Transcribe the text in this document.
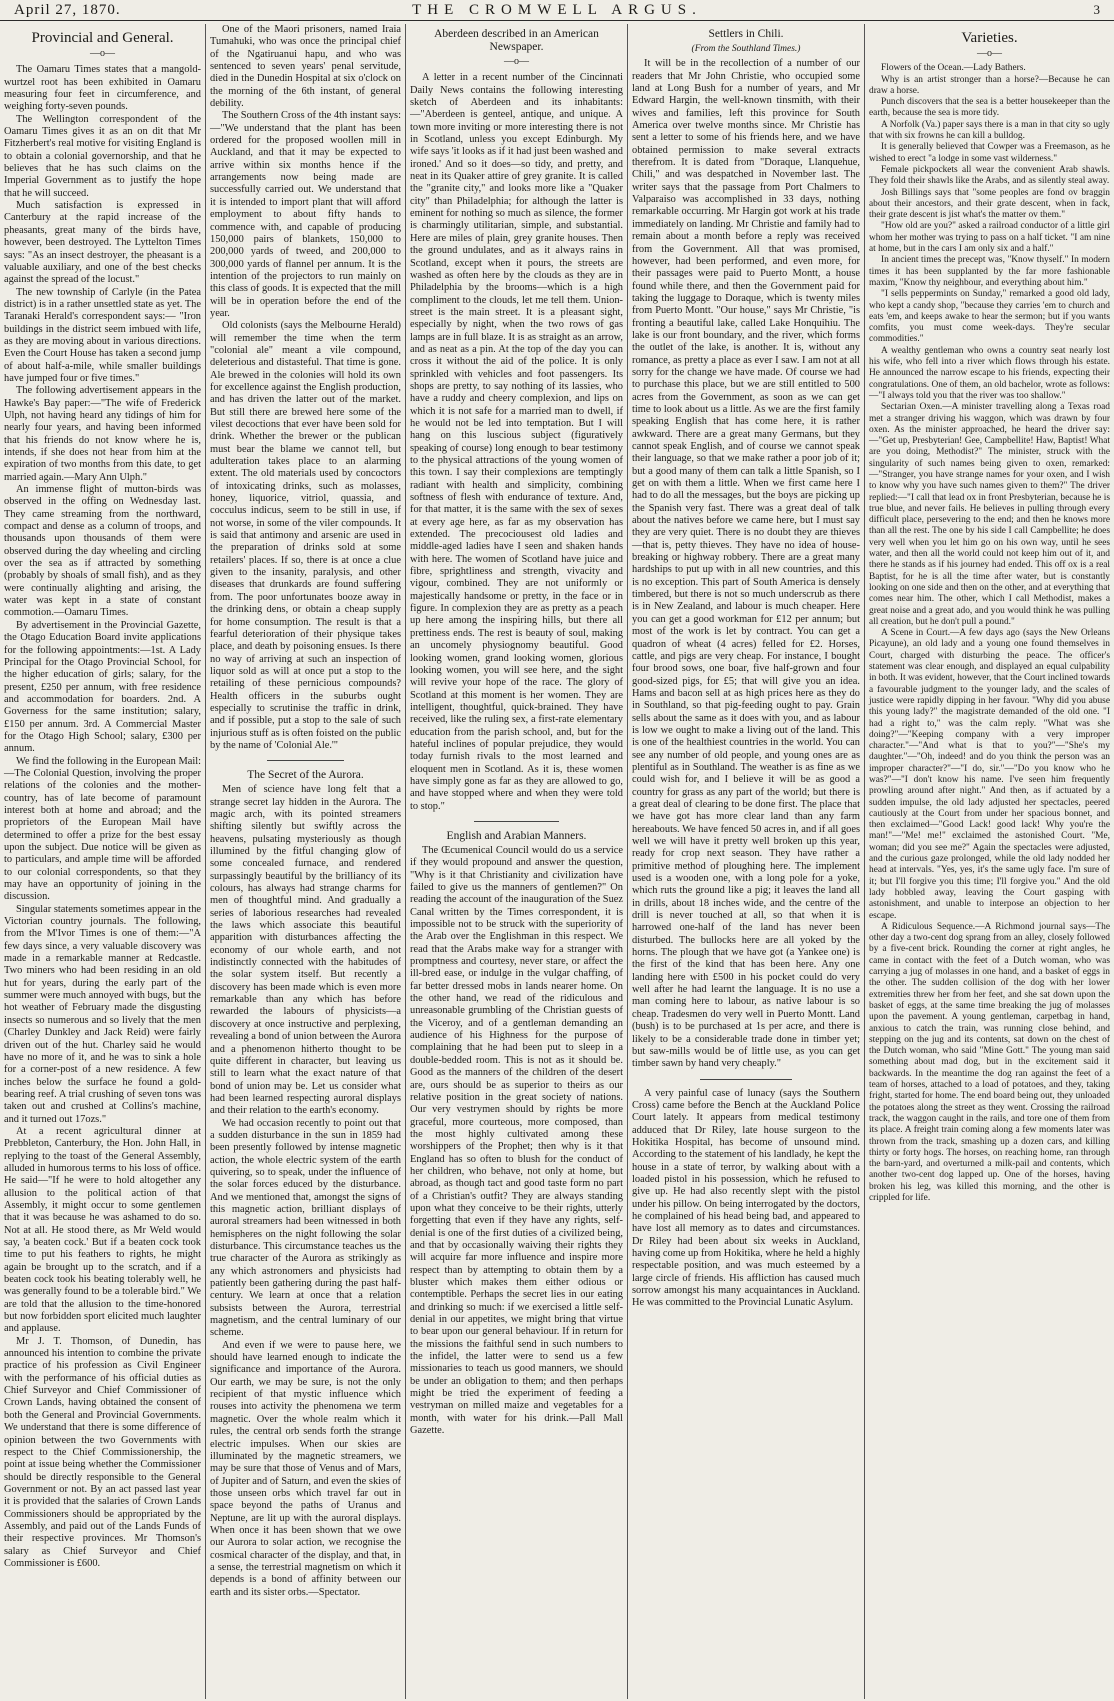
April 27, 1870.	THE CROMWELL ARGUS.	3
Provincial and General.
—o—

The Oamaru Times states that a mangold-wurtzel root has been exhibited in Oamaru measuring four feet in circumference, and weighing forty-seven pounds.

The Wellington correspondent of the Oamaru Times gives it as an on dit that Mr Fitzherbert's real motive for visiting England is to obtain a colonial governorship, and that he believes that he has such claims on the Imperial Government as to justify the hope that he will succeed.

Much satisfaction is expressed in Canterbury at the rapid increase of the pheasants, great many of the birds have, however, been destroyed. The Lyttelton Times says: "As an insect destroyer, the pheasant is a valuable auxiliary, and one of the best checks against the spread of the locust."

The new township of Carlyle (in the Patea district) is in a rather unsettled state as yet. The Taranaki Herald's correspondent says:— "Iron buildings in the district seem imbued with life, as they are moving about in various directions. Even the Court House has taken a second jump of about half-a-mile, while smaller buildings have jumped four or five times."

The following advertisement appears in the Hawke's Bay paper:—"The wife of Frederick Ulph, not having heard any tidings of him for nearly four years, and having been informed that his friends do not know where he is, intends, if she does not hear from him at the expiration of two months from this date, to get married again.—Mary Ann Ulph."

An immense flight of mutton-birds was observed in the offing on Wednesday last. They came streaming from the northward, compact and dense as a column of troops, and thousands upon thousands of them were observed during the day wheeling and circling over the sea as if attracted by something (probably by shoals of small fish), and as they were continually alighting and arising, the water was kept in a state of constant commotion.—Oamaru Times.

By advertisement in the Provincial Gazette, the Otago Education Board invite applications for the following appointments:—1st. A Lady Principal for the Otago Provincial School, for the higher education of girls; salary, for the present, £250 per annum, with free residence and accommodation for boarders. 2nd. A Governess for the same institution; salary, £150 per annum. 3rd. A Commercial Master for the Otago High School; salary, £300 per annum.

We find the following in the European Mail:—The Colonial Question, involving the proper relations of the colonies and the mother-country, has of late become of paramount interest both at home and abroad; and the proprietors of the European Mail have determined to offer a prize for the best essay upon the subject. Due notice will be given as to particulars, and ample time will be afforded to our colonial correspondents, so that they may have an opportunity of joining in the discussion.

Singular statements sometimes appear in the Victorian country journals. The following, from the M'Ivor Times is one of them:—"A few days since, a very valuable discovery was made in a remarkable manner at Redcastle. Two miners who had been residing in an old hut for years, during the early part of the summer were much annoyed with bugs, but the hot weather of February made the disgusting insects so numerous and so lively that the men (Charley Dunkley and Jack Reid) were fairly driven out of the hut. Charley said he would have no more of it, and he was to sink a hole for a corner-post of a new residence. A few inches below the surface he found a gold-bearing reef. A trial crushing of seven tons was taken out and crushed at Collins's machine, and it turned out 17ozs."

At a recent agricultural dinner at Prebbleton, Canterbury, the Hon. John Hall, in replying to the toast of the General Assembly, alluded in humorous terms to his loss of office. He said—"If he were to hold altogether any allusion to the political action of that Assembly, it might occur to some gentlemen that it was because he was ashamed to do so. Not at all. He stood there, as Mr Weld would say, 'a beaten cock.' But if a beaten cock took time to put his feathers to rights, he might again be brought up to the scratch, and if a beaten cock took his beating tolerably well, he was generally found to be a tolerable bird." We are told that the allusion to the time-honored but now forbidden sport elicited much laughter and applause.

Mr J. T. Thomson, of Dunedin, has announced his intention to combine the private practice of his profession as Civil Engineer with the performance of his official duties as Chief Surveyor and Chief Commissioner of Crown Lands, having obtained the consent of both the General and Provincial Governments. We understand that there is some difference of opinion between the two Governments with respect to the Chief Commissionership, the point at issue being whether the Commissioner should be directly responsible to the General Government or not. By an act passed last year it is provided that the salaries of Crown Lands Commissioners should be appropriated by the Assembly, and paid out of the Lands Funds of their respective provinces. Mr Thomson's salary as Chief Surveyor and Chief Commissioner is £600.

One of the Maori prisoners, named Iraia Tumahuki, who was once the principal chief of the Ngatiruanui hapu, and who was sentenced to seven years' penal servitude, died in the Dunedin Hospital at six o'clock on the morning of the 6th instant, of general debility.

The Southern Cross of the 4th instant says:—"We understand that the plant has been ordered for the proposed woollen mill in Auckland, and that it may be expected to arrive within six months hence if the arrangements now being made are successfully carried out. We understand that it is intended to import plant that will afford employment to about fifty hands to commence with, and capable of producing 150,000 pairs of blankets, 150,000 to 200,000 yards of tweed, and 200,000 to 300,000 yards of flannel per annum. It is the intention of the projectors to run mainly on this class of goods. It is expected that the mill will be in operation before the end of the year.

Old colonists (says the Melbourne Herald) will remember the time when the term "colonial ale" meant a vile compound, deleterious and distasteful. That time is gone. Ale brewed in the colonies will hold its own for excellence against the English production, and has driven the latter out of the market. But still there are brewed here some of the vilest decoctions that ever have been sold for drink. Whether the brewer or the publican must bear the blame we cannot tell, but adulteration takes place to an alarming extent. The old materials used by concoctors of intoxicating drinks, such as molasses, honey, liquorice, vitriol, quassia, and cocculus indicus, seem to be still in use, if not worse, in some of the viler compounds. It is said that antimony and arsenic are used in the preparation of drinks sold at some retailers' places. If so, there is at once a clue given to the insanity, paralysis, and other diseases that drunkards are found suffering from. The poor unfortunates booze away in the drinking dens, or obtain a cheap supply for home consumption. The result is that a fearful deterioration of their physique takes place, and death by poisoning ensues. Is there no way of arriving at such an inspection of liquor sold as will at once put a stop to the retailing of these pernicious compounds? Health officers in the suburbs ought especially to scrutinise the traffic in drink, and if possible, put a stop to the sale of such injurious stuff as is often foisted on the public by the name of 'Colonial Ale.'"

The Secret of the Aurora.

Men of science have long felt that a strange secret lay hidden in the Aurora. The magic arch, with its pointed streamers shifting silently but swiftly across the heavens, pulsating mysteriously as though illumined by the fitful changing glow of some concealed furnace, and rendered surpassingly beautiful by the brilliancy of its colours, has always had strange charms for men of thoughtful mind. And gradually a series of laborious researches had revealed the laws which associate this beautiful apparition with disturbances affecting the economy of our whole earth, and not indistinctly connected with the habitudes of the solar system itself. But recently a discovery has been made which is even more remarkable than any which has before rewarded the labours of physicists—a discovery at once instructive and perplexing, revealing a bond of union between the Aurora and a phenomenon hitherto thought to be quite different in character, but leaving us still to learn what the exact nature of that bond of union may be. Let us consider what had been learned respecting auroral displays and their relation to the earth's economy.

We had occasion recently to point out that a sudden disturbance in the sun in 1859 had been presently followed by intense magnetic action, the whole electric system of the earth quivering, so to speak, under the influence of the solar forces educed by the disturbance. And we mentioned that, amongst the signs of this magnetic action, brilliant displays of auroral streamers had been witnessed in both hemispheres on the night following the solar disturbance. This circumstance teaches us the true character of the Aurora as strikingly as any which astronomers and physicists had patiently been gathering during the past half-century. We learn at once that a relation subsists between the Aurora, terrestrial magnetism, and the central luminary of our scheme.

And even if we were to pause here, we should have learned enough to indicate the significance and importance of the Aurora. Our earth, we may be sure, is not the only recipient of that mystic influence which rouses into activity the phenomena we term magnetic. Over the whole realm which it rules, the central orb sends forth the strange electric impulses. When our skies are illuminated by the magnetic streamers, we may be sure that those of Venus and of Mars, of Jupiter and of Saturn, and even the skies of those unseen orbs which travel far out in space beyond the paths of Uranus and Neptune, are lit up with the auroral displays. When once it has been shown that we owe our Aurora to solar action, we recognise the cosmical character of the display, and that, in a sense, the terrestrial magnetism on which it depends is a bond of affinity between our earth and its sister orbs.—Spectator.

Aberdeen described in an American Newspaper.
—o—

A letter in a recent number of the Cincinnati Daily News contains the following interesting sketch of Aberdeen and its inhabitants:—"Aberdeen is genteel, antique, and unique. A town more inviting or more interesting there is not in Scotland, unless you except Edinburgh. My wife says 'it looks as if it had just been washed and ironed.' And so it does—so tidy, and pretty, and neat in its Quaker attire of grey granite. It is called the "granite city," and looks more like a "Quaker city" than Philadelphia; for although the latter is eminent for nothing so much as silence, the former is charmingly utilitarian, simple, and substantial. Here are miles of plain, grey granite houses. Then the ground undulates, and as it always rains in Scotland, except when it pours, the streets are washed as often here by the clouds as they are in Philadelphia by the brooms—which is a high compliment to the clouds, let me tell them. Union-street is the main street. It is a pleasant sight, especially by night, when the two rows of gas lamps are in full blaze. It is as straight as an arrow, and as neat as a pin. At the top of the day you can cross it without the aid of the police. It is only sprinkled with vehicles and foot passengers. Its shops are pretty, to say nothing of its lassies, who have a ruddy and cheery complexion, and lips on which it is not safe for a married man to dwell, if he would not be led into temptation. But I will hang on this luscious subject (figuratively speaking of course) long enough to bear testimony to the physical attractions of the young women of this town. I say their complexions are temptingly radiant with health and simplicity, combining softness of flesh with endurance of texture. And, for that matter, it is the same with the sex of sexes at every age here, as far as my observation has extended. The precociousest old ladies and middle-aged ladies have I seen and shaken hands with here. The women of Scotland have juice and fibre, sprightliness and strength, vivacity and vigour, combined. They are not uniformly or majestically handsome or pretty, in the face or in figure. In complexion they are as pretty as a peach up here among the inspiring hills, but there all prettiness ends. The rest is beauty of soul, making an uncomely physiognomy beautiful. Good looking women, grand looking women, glorious looking women, you will see here, and the sight will revive your hope of the race. The glory of Scotland at this moment is her women. They are intelligent, thoughtful, quick-brained. They have received, like the ruling sex, a first-rate elementary education from the parish school, and, but for the hateful inclines of popular prejudice, they would today furnish rivals to the most learned and eloquent men in Scotland. As it is, these women have simply gone as far as they are allowed to go, and have stopped where and when they were told to stop."

English and Arabian Manners.

The Œcumenical Council would do us a service if they would propound and answer the question, "Why is it that Christianity and civilization have failed to give us the manners of gentlemen?" On reading the account of the inauguration of the Suez Canal written by the Times correspondent, it is impossible not to be struck with the superiority of the Arab over the Englishman in this respect. We read that the Arabs make way for a stranger with promptness and courtesy, never stare, or affect the ill-bred ease, or indulge in the vulgar chaffing, of far better dressed mobs in lands nearer home. On the other hand, we read of the ridiculous and unreasonable grumbling of the Christian guests of the Viceroy, and of a gentleman demanding an audience of his Highness for the purpose of complaining that he had been put to sleep in a double-bedded room. This is not as it should be. Good as the manners of the children of the desert are, ours should be as superior to theirs as our relative position in the great society of nations. Our very vestrymen should by rights be more graceful, more courteous, more composed, than the most highly cultivated among these worshippers of the Prophet; then why is it that England has so often to blush for the conduct of her children, who behave, not only at home, but abroad, as though tact and good taste form no part of a Christian's outfit? They are always standing upon what they conceive to be their rights, utterly forgetting that even if they have any rights, self-denial is one of the first duties of a civilized being, and that by occasionally waiving their rights they will acquire far more influence and inspire more respect than by attempting to obtain them by a bluster which makes them either odious or contemptible. Perhaps the secret lies in our eating and drinking so much: if we exercised a little self-denial in our appetites, we might bring that virtue to bear upon our general behaviour. If in return for the missions the faithful send in such numbers to the infidel, the latter were to send us a few missionaries to teach us good manners, we should be under an obligation to them; and then perhaps might be tried the experiment of feeding a vestryman on milled maize and vegetables for a month, with water for his drink.—Pall Mall Gazette.

Settlers in Chili.
(From the Southland Times.)

It will be in the recollection of a number of our readers that Mr John Christie, who occupied some land at Long Bush for a number of years, and Mr Edward Hargin, the well-known tinsmith, with their wives and families, left this province for South America over twelve months since. Mr Christie has sent a letter to some of his friends here, and we have obtained permission to make several extracts therefrom. It is dated from "Doraque, Llanquehue, Chili," and was despatched in November last. The writer says that the passage from Port Chalmers to Valparaiso was accomplished in 33 days, nothing remarkable occurring. Mr Hargin got work at his trade immediately on landing. Mr Christie and family had to remain about a month before a reply was received from the Government. All that was promised, however, had been performed, and even more, for their passages were paid to Puerto Montt, a house found while there, and then the Government paid for taking the luggage to Doraque, which is twenty miles from Puerto Montt. "Our house," says Mr Christie, "is fronting a beautiful lake, called Lake Honquihiu. The lake is our front boundary, and the river, which forms the outlet of the lake, is another. It is, without any romance, as pretty a place as ever I saw. I am not at all sorry for the change we have made. Of course we had to purchase this place, but we are still entitled to 500 acres from the Government, as soon as we can get time to look about us a little. As we are the first family speaking English that has come here, it is rather awkward. There are a great many Germans, but they cannot speak English, and of course we cannot speak their language, so that we make rather a poor job of it; but a good many of them can talk a little Spanish, so I get on with them a little. When we first came here I had to do all the messages, but the boys are picking up the Spanish very fast. There was a great deal of talk about the natives before we came here, but I must say they are very quiet. There is no doubt they are thieves—that is, petty thieves. They have no idea of house-breaking or highway robbery. There are a great many hardships to put up with in all new countries, and this is no exception. This part of South America is densely timbered, but there is not so much underscrub as there is in New Zealand, and labour is much cheaper. Here you can get a good workman for £12 per annum; but most of the work is let by contract. You can get a quadron of wheat (4 acres) felled for £2. Horses, cattle, and pigs are very cheap. For instance, I bought four brood sows, one boar, five half-grown and four good-sized pigs, for £5; that will give you an idea. Hams and bacon sell at as high prices here as they do in Southland, so that pig-feeding ought to pay. Grain sells about the same as it does with you, and as labour is low we ought to make a living out of the land. This is one of the healthiest countries in the world. You can see any number of old people, and young ones are as plentiful as in Southland. The weather is as fine as we could wish for, and I believe it will be as good a country for grass as any part of the world; but there is a great deal of clearing to be done first. The place that we have got has more clear land than any farm hereabouts. We have fenced 50 acres in, and if all goes well we will have it pretty well broken up this year, ready for crop next season. They have rather a primitive method of ploughing here. The implement used is a wooden one, with a long pole for a yoke, which ruts the ground like a pig; it leaves the land all in drills, about 18 inches wide, and the centre of the drill is never touched at all, so that when it is harrowed one-half of the land has never been disturbed. The bullocks here are all yoked by the horns. The plough that we have got (a Yankee one) is the first of the kind that has been here. Any one landing here with £500 in his pocket could do very well after he had learnt the language. It is no use a man coming here to labour, as native labour is so cheap. Tradesmen do very well in Puerto Montt. Land (bush) is to be purchased at 1s per acre, and there is likely to be a considerable trade done in timber yet; but saw-mills would be of little use, as you can get timber sawn by hand very cheaply."

A very painful case of lunacy (says the Southern Cross) came before the Bench at the Auckland Police Court lately. It appears from medical testimony adduced that Dr Riley, late house surgeon to the Hokitika Hospital, has become of unsound mind. According to the statement of his landlady, he kept the house in a state of terror, by walking about with a loaded pistol in his possession, which he refused to give up. He had also recently slept with the pistol under his pillow. On being interrogated by the doctors, he complained of his head being bad, and appeared to have lost all memory as to dates and circumstances. Dr Riley had been about six weeks in Auckland, having come up from Hokitika, where he held a highly respectable position, and was much esteemed by a large circle of friends. His affliction has caused much sorrow amongst his many acquaintances in Auckland. He was committed to the Provincial Lunatic Asylum.

Varieties.
—o—

Flowers of the Ocean.—Lady Bathers.

Why is an artist stronger than a horse?—Because he can draw a horse.

Punch discovers that the sea is a better housekeeper than the earth, because the sea is more tidy.

A Norfolk (Va.) paper says there is a man in that city so ugly that with six frowns he can kill a bulldog.

It is generally believed that Cowper was a Freemason, as he wished to erect "a lodge in some vast wilderness."

Female pickpockets all wear the convenient Arab shawls. They fold their shawls like the Arabs, and as silently steal away.

Josh Billings says that "some peoples are fond ov braggin about their ancestors, and their grate descent, when in fack, their grate descent is jist what's the matter ov them."

"How old are you?" asked a railroad conductor of a little girl whom her mother was trying to pass on a half ticket. "I am nine at home, but in the cars I am only six and a half."

In ancient times the precept was, "Know thyself." In modern times it has been supplanted by the far more fashionable maxim, "Know thy neighbour, and everything about him."

"I sells peppermints on Sunday," remarked a good old lady, who kept a candy shop, "because they carries 'em to church and eats 'em, and keeps awake to hear the sermon; but if you wants comfits, you must come week-days. They're secular commodities."

A wealthy gentleman who owns a country seat nearly lost his wife, who fell into a river which flows through his estate. He announced the narrow escape to his friends, expecting their congratulations. One of them, an old bachelor, wrote as follows:—"I always told you that the river was too shallow."

Sectarian Oxen.—A minister travelling along a Texas road met a stranger driving his waggon, which was drawn by four oxen. As the minister approached, he heard the driver say:—"Get up, Presbyterian! Gee, Campbellite! Haw, Baptist! What are you doing, Methodist?" The minister, struck with the singularity of such names being given to oxen, remarked:—"Stranger, you have strange names for your oxen, and I wish to know why you have such names given to them?" The driver replied:—"I call that lead ox in front Presbyterian, because he is true blue, and never fails. He believes in pulling through every difficult place, persevering to the end; and then he knows more than all the rest. The one by his side I call Campbellite; he does very well when you let him go on his own way, until he sees water, and then all the world could not keep him out of it, and there he stands as if his journey had ended. This off ox is a real Baptist, for he is all the time after water, but is constantly looking on one side and then on the other, and at everything that comes near him. The other, which I call Methodist, makes a great noise and a great ado, and you would think he was pulling all creation, but he don't pull a pound."

A Scene in Court.—A few days ago (says the New Orleans Picayune), an old lady and a young one found themselves in Court, charged with disturbing the peace. The officer's statement was clear enough, and displayed an equal culpability in both. It was evident, however, that the Court inclined towards a favourable judgment to the younger lady, and the scales of justice were rapidly dipping in her favour. "Why did you abuse this young lady?" the magistrate demanded of the old one. "I had a right to," was the calm reply. "What was she doing?"—"Keeping company with a very improper character."—"And what is that to you?"—"She's my daughter."—"Oh, indeed! and do you think the person was an improper character?"—"I do, sir."—"Do you know who he was?"—"I don't know his name. I've seen him frequently prowling around after night." And then, as if actuated by a sudden impulse, the old lady adjusted her spectacles, peered cautiously at the Court from under her spacious bonnet, and then exclaimed—"Good Lack! good lack! Why you're the man!"—"Me! me!" exclaimed the astonished Court. "Me, woman; did you see me?" Again the spectacles were adjusted, and the curious gaze prolonged, while the old lady nodded her head at intervals. "Yes, yes, it's the same ugly face. I'm sure of it; but I'll forgive you this time; I'll forgive you." And the old lady hobbled away, leaving the Court gasping with astonishment, and unable to interpose an objection to her escape.

A Ridiculous Sequence.—A Richmond journal says—The other day a two-cent dog sprang from an alley, closely followed by a five-cent brick. Rounding the corner at right angles, he came in contact with the feet of a Dutch woman, who was carrying a jug of molasses in one hand, and a basket of eggs in the other. The sudden collision of the dog with her lower extremities threw her from her feet, and she sat down upon the basket of eggs, at the same time breaking the jug of molasses upon the pavement. A young gentleman, carpetbag in hand, anxious to catch the train, was running close behind, and stepping on the jug and its contents, sat down on the chest of the Dutch woman, who said "Mine Gott." The young man said something about mad dog, but in the excitement said it backwards. In the meantime the dog ran against the feet of a team of horses, attached to a load of potatoes, and they, taking fright, started for home. The end board being out, they unloaded the potatoes along the street as they went. Crossing the railroad track, the waggon caught in the rails, and tore one of them from its place. A freight train coming along a few moments later was thrown from the track, smashing up a dozen cars, and killing thirty or forty hogs. The horses, on reaching home, ran through the barn-yard, and overturned a milk-pail and contents, which another two-cent dog lapped up. One of the horses, having broken his leg, was killed this morning, and the other is crippled for life.
